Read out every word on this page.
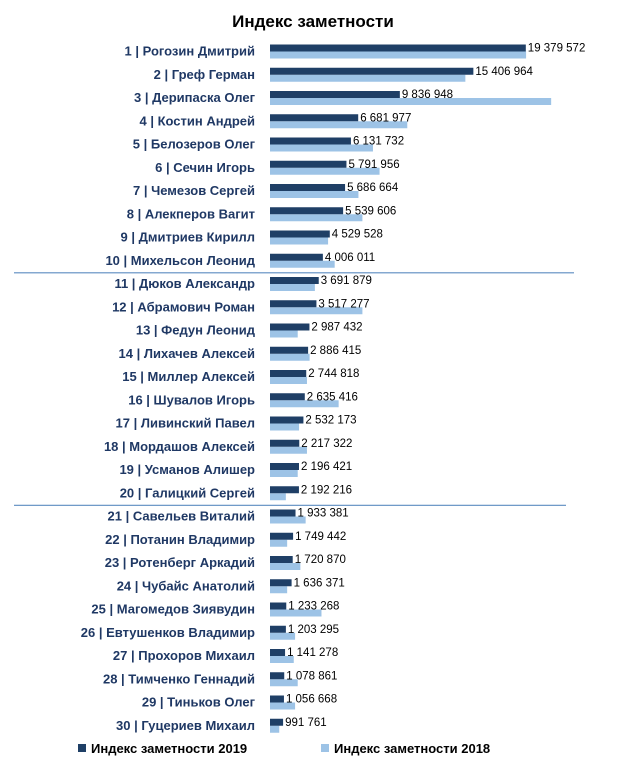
Индекс заметности
1 | Рогозин Дмитрий
2 | Греф Герман
3 | Дерипаска Олег
4 | Костин Андрей
5 | Белозеров Олег
6 | Сечин Игорь
7 | Чемезов Сергей
8 | Алекперов Вагит
9 | Дмитриев Кирилл
10 | Михельсон Леонид
11 | Дюков Александр
12 | Абрамович Роман
13 | Федун Леонид
14 | Лихачев Алексей
15 | Миллер Алексей
16 | Шувалов Игорь
17 | Ливинский Павел
18 | Мордашов Алексей
19 | Усманов Алишер
20 | Галицкий Сергей
21 | Савельев Виталий
22 | Потанин Владимир
23 | Ротенберг Аркадий
24 | Чубайс Анатолий
25 | Магомедов Зиявудин
26 | Евтушенков Владимир
27 | Прохоров Михаил
28 | Тимченко Геннадий
29 | Тиньков Олег
30 | Гуцериев Михаил
19 379 572
15 406 964
9 836 948
6 681 977
6 131 732
5 791 956
5 686 664
5 539 606
4 529 528
4 006 011
3 691 879
3 517 277
2 987 432
2 886 415
2 744 818
2 635 416
2 532 173
2 217 322
2 196 421
2 192 216
1 933 381
1 749 442
1 720 870
1 636 371
1 233 268
1 203 295
1 141 278
1 078 861
1 056 668
991 761
Индекс заметности 2019	Индекс заметности 2018
